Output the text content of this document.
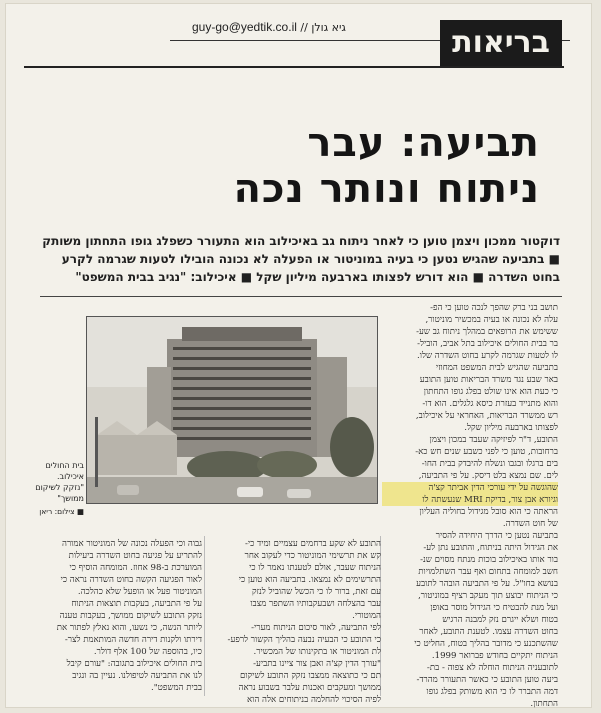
גיא גולן // guy-go@yedtik.co.il	בריאות
תביעה: עבר
ניתוח ונותר נכה
דוקטור ממכון ויצמן טוען כי לאחר ניתוח גב באיכילוב הוא התעורר כשפלג גופו התחתון משותק ■ בתביעה שהגיש נטען כי בעיה במוניטור או הפעלה לא נכונה הובילו לטעות שגרמה לקרע בחוט השדרה ■ הוא דורש לפצותו בארבעה מיליון שקל ■ איכילוב: "נגיב בבית המשפט"
תושב בני ברק שהפך לנכה טוען כי הפ-
עלה לא נכונה או בעיה במכשיר מוניטור,
ששימש את הרופאים במהלך ניתוח גב שע-
בר בבית החולים איכילוב בתל אביב, הוביל-
לו לטעות שגרמה לקרע בחוט השדרה שלו.
בתביעה שהגיש לבית המשפט המחוזי
באר שבע נגד משרד הבריאות טוען התובע
כי כעת הוא אינו שולט בפלג גופו התחתון
והוא מתנייד בעזרת כיסא גלגלים. הוא דו-
רש ממשרד הבריאות, האחראי על איכילוב,
לפצותו בארבעה מיליון שקל.
התובע, ד"ר לפיזיקה שעבד במכון ויצמן
ברחובות, טוען כי לפני כשבע שנים חש כא-
בים ברגלו ובגבו ונשלח להיבדק בבית החו-
לים. שם נמצא בלט דיסק. על פי התביעה,
שהוגשה על ידי עורכי הדין אביתר קצ'ה
וגיורא אבן צור, בדיקת MRI שנעשתה לו
הראתה כי הוא סובל מגידול בחוליה העליון
של חוט השדרה.
בתביעה נטען כי הדרך היחידה להסיר
את הגידול היתה בניתוח, והתובע נתן לע-
בור אותו באיכילוב בוכות מנתח מסוים שנ-
חשב למומחה בתחום ואף עבר השתלמויות
בנושא בחו"ל. על פי התביעה הובהר לתובע
כי הניתוח יבוצע תוך מעקב רציף במוניטור,
ועל מנת להבטיח כי הגידול מוסר באופן
בטוח ושלא ייגרם נזק למבנה הרגיש
בחוט השדרה עצמו. לטענת התובע, לאחר
שהשתכנע כי מדובר בהליך בטוח, החליט כי
הניתוח יתקיים בחודש פברואר 1999.
לתובעניה הניתוח הוחלה לא צפוה - בת-
ביעה טוען התובע כי כאשר התעורר מהרד-
דמה התברר לו כי הוא משותק בפלג גופו
התחתון.
בית החולים איכילוב. "נזקק לשיקום ממושך"
■ צילום: ריאן
התובע לא שקע ברחמים עצמיים ומיד כי-
קש את תרשימי המוניטור כדי לעקוב אחר
הניתוח שעבר, אולם לטענתו נאמר לו כי
התרשימים לא נמצאו. בתביעה הוא טוען כי
עם זאת, ברור לו כי הכשל שהוביל לנזק
עבר בהצלחה ושבעקבותיו השתפר מצבו
המוטורי.
לפי התביעה, לאור סיכום הניתוח מערי-
כי התובע כי הבעיה נבעה בהליך הקשור לרפע-
לת המוניטור או בתקינותו של המכשיר.
"עורך הדין קצ'ה ואבן צור ציינו בתביע-
תם כי כתוצאה ממצבו נזקק התובע לשיקום
ממושך ומעקבים ואכנות עלבר בשבוע נראה
לפיה הסיכוי להחלמה בניתוחים אלה הוא
גבוה וכי הפעלה נכונה של המוניטור אמורה
להתריע על פגיעה בחוט השדרה ביעילות
המוערכת ב-98 אחוז. המומחה הוסיף כי
לאור הפגיעה הקשה בחוט השדרה נראה כי
המוניטור פעל או הופעל שלא כהלכה.
על פי התביעה, בעקבות תוצאות הניתוח
נזקק התובע לשיקום ממושך, בעקבות טענה
ליותר הנשה, כי נשעו, והוא נאלץ לפתור את
דירתו ולקנות דירה חדשה המותאמת לצר-
כיו, בהוספה של 100 אלף דולר.
בית החולים איכילוב בתגובה: "עורם קיבל
לנו את התביעה לטיפולנו. נעיין בה ונגיב
בבית המשפט".
